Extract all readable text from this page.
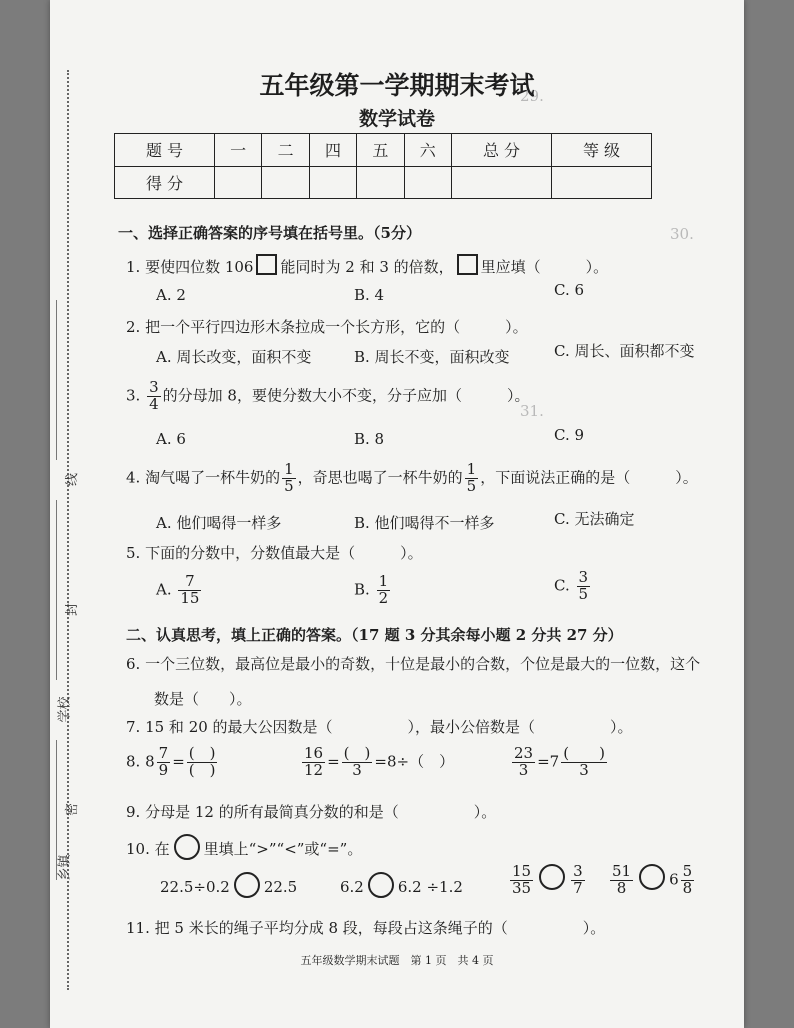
29.　　　　　　　　　　　　　　　
30.
31.
线
封
密
学校
乡镇
五年级第一学期期末考试
数学试卷
题 号	一	二	四	五	六	总 分	等 级
得 分							
一、选择正确答案的序号填在括号里。（5分）
1. 要使四位数 106 能同时为 2 和 3 的倍数， 里应填（　　　）。
A. 2	B. 4	C. 6
2. 把一个平行四边形木条拉成一个长方形，它的（　　　）。
A. 周长改变，面积不变	B. 周长不变，面积改变	C. 周长、面积都不变
3. $\frac{3}{4}$ 的分母加 8，要使分数大小不变，分子应加（　　　）。
A. 6	B. 8	C. 9
4. 淘气喝了一杯牛奶的 $\frac{1}{5}$ ，奇思也喝了一杯牛奶的 $\frac{1}{5}$ ，下面说法正确的是（　　　）。
A. 他们喝得一样多	B. 他们喝得不一样多	C. 无法确定
5. 下面的分数中，分数值最大是（　　　）。
A. $\frac{7}{15}$	B. $\frac{1}{2}$	C. $\frac{3}{5}$
二、认真思考，填上正确的答案。（17 题 3 分其余每小题 2 分共 27 分）
6. 一个三位数，最高位是最小的奇数，十位是最小的合数，个位是最大的一位数，这个
数是（　　）。
7. 15 和 20 的最大公因数是（　　　　　），最小公倍数是（　　　　　）。
8. $8 \frac{7}{9} = \frac{( )}{( )}$	$\frac{16}{12} = \frac{( )}{3} =8\div$（　）	$\frac{23}{3} =7 \frac{( )}{3}$
9. 分母是 12 的所有最简真分数的和是（　　　　　）。
10. 在 里填上“>”“<”或“=”。
22.5÷0.2 22.5	6.2 6.2 ÷1.2	$\frac{15}{35}$	$\frac{3}{7} \frac{51}{8} 6 \frac{5}{8}$
11. 把 5 米长的绳子平均分成 8 段，每段占这条绳子的（　　　　　）。
五年级数学期末试题　第 1 页　共 4 页
